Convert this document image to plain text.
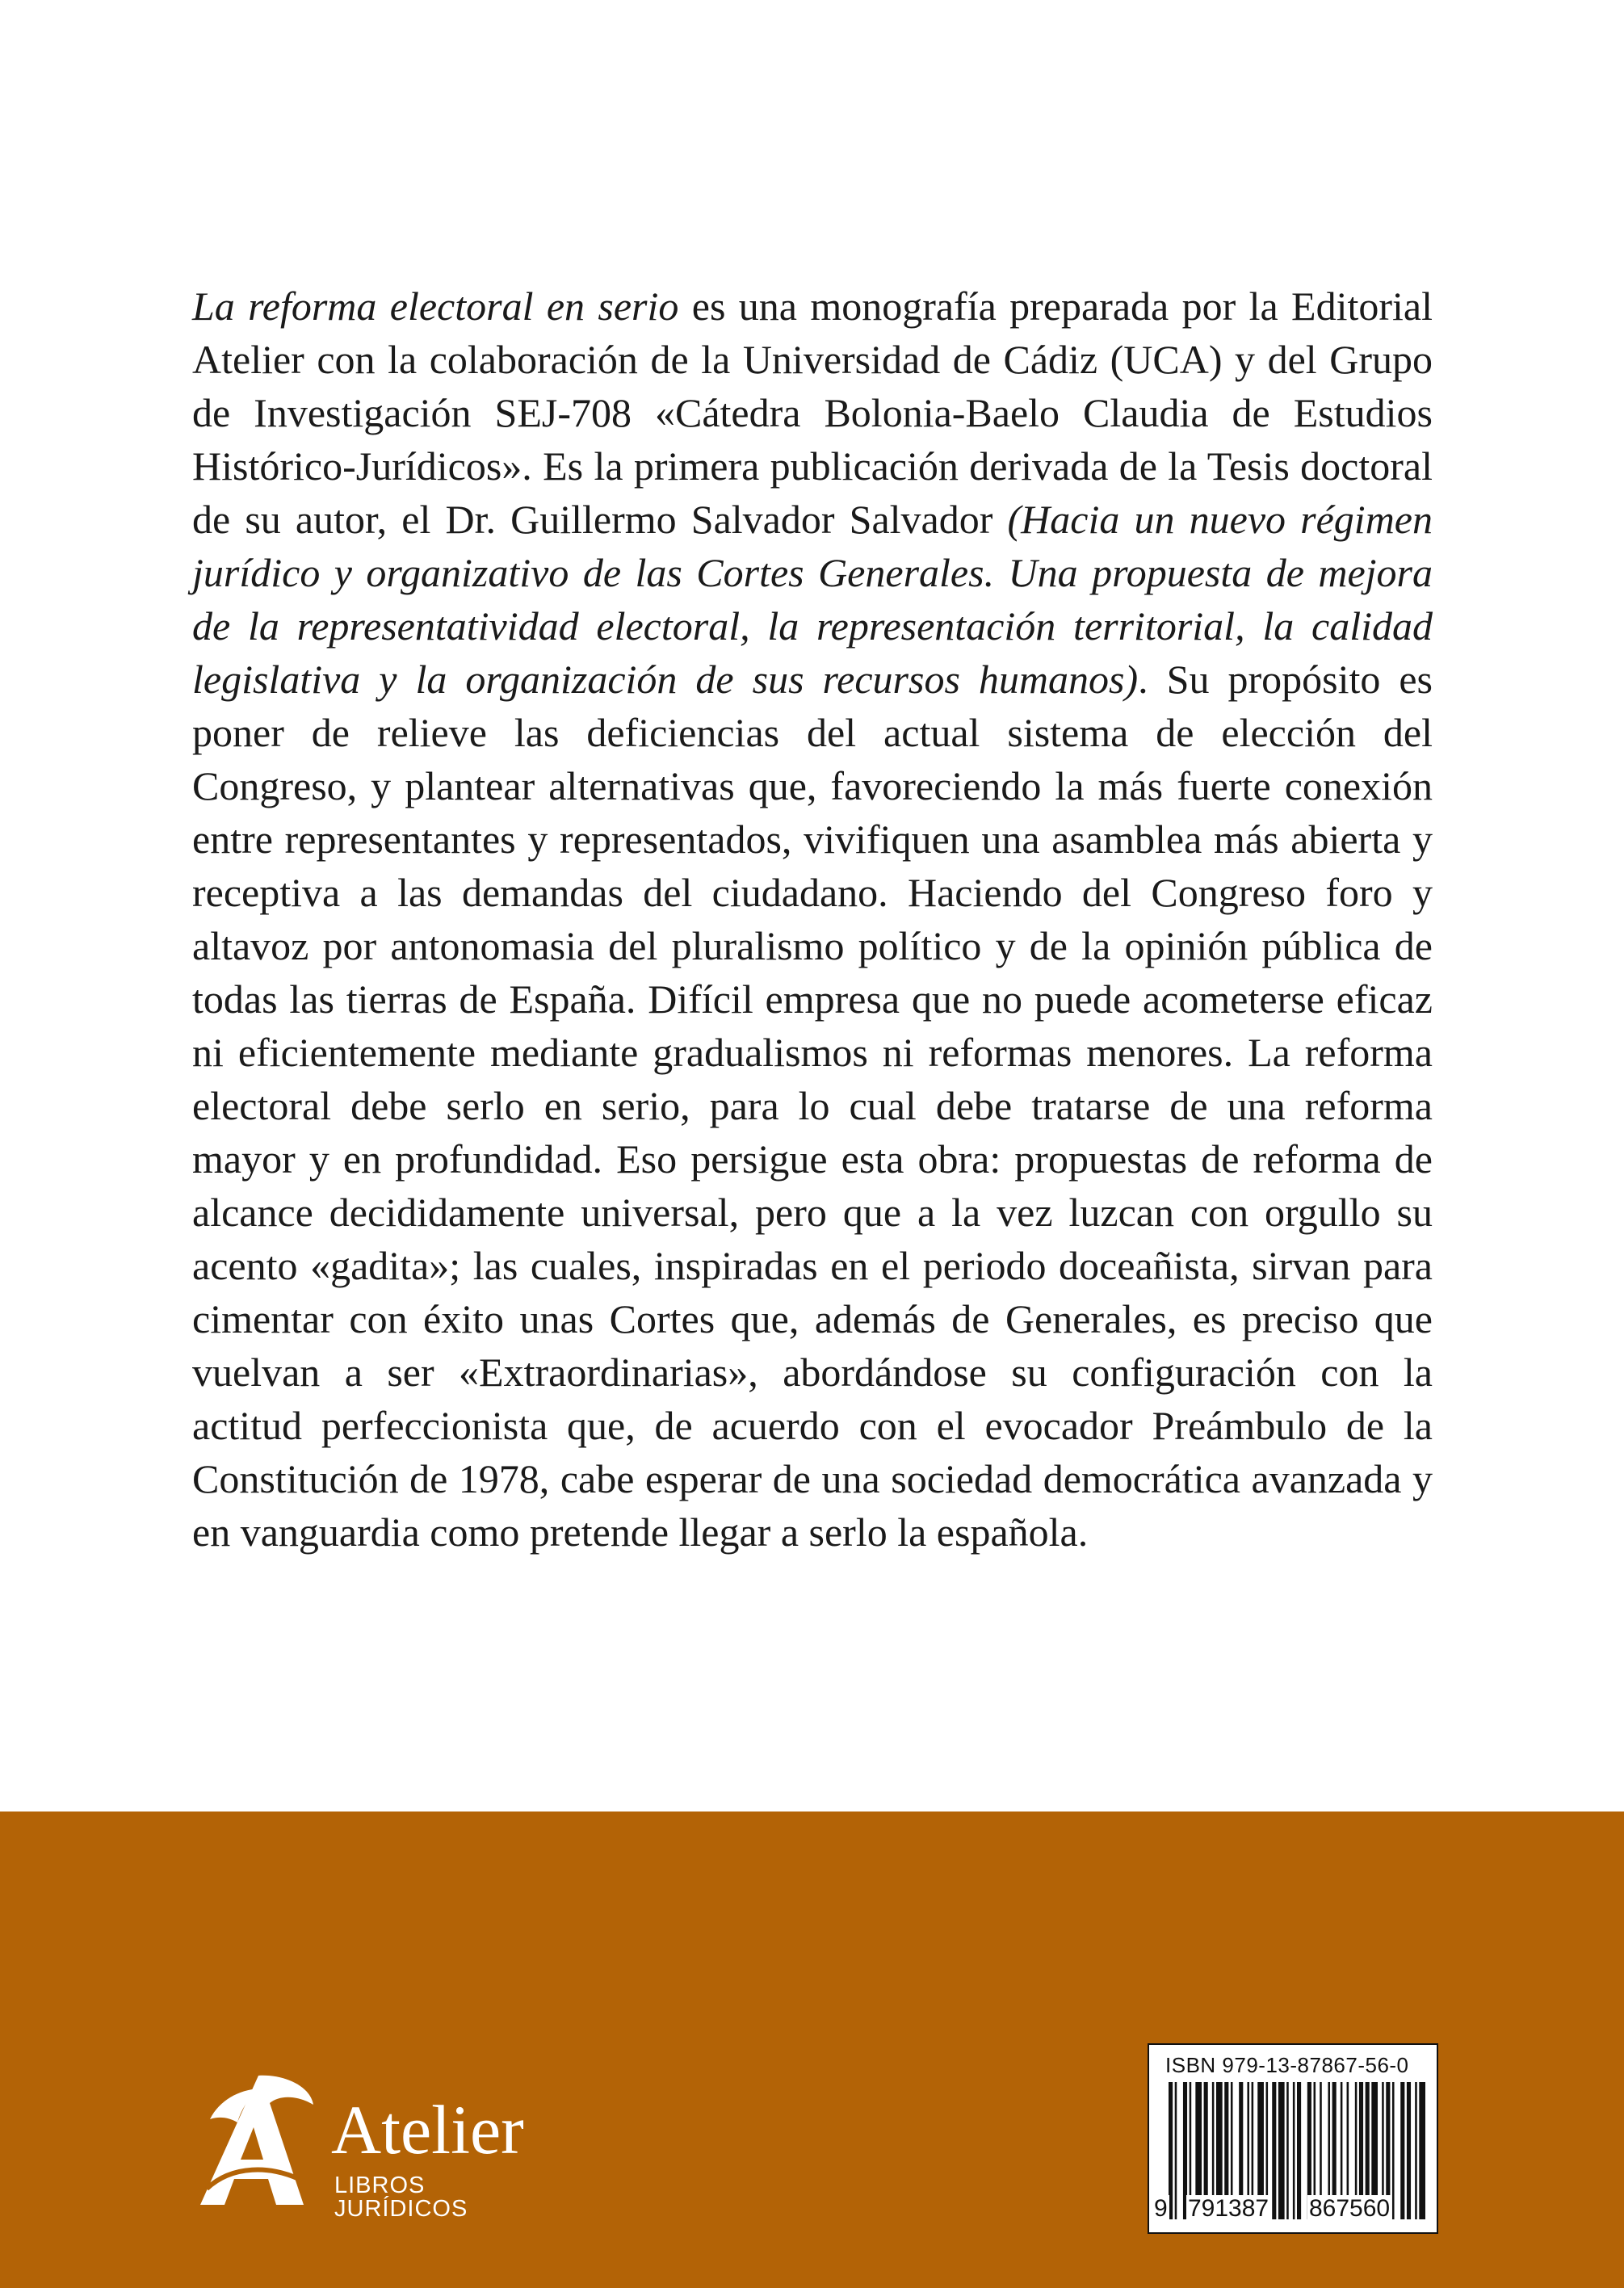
La reforma electoral en serio es una monografía preparada por la Editorial Atelier con la colaboración de la Universidad de Cádiz (UCA) y del Grupo de Investigación SEJ-708 «Cátedra Bolonia-Baelo Claudia de Estudios Histórico-Jurídicos». Es la primera publicación derivada de la Tesis doctoral de su autor, el Dr. Guillermo Salvador Salvador (Hacia un nuevo régimen jurídico y organizativo de las Cortes Generales. Una propuesta de mejora de la representatividad electoral, la representación territorial, la calidad legislativa y la organización de sus recursos humanos). Su propósito es poner de relieve las deficiencias del actual sistema de elección del Congreso, y plantear alternativas que, favoreciendo la más fuerte conexión entre representantes y representados, vivifiquen una asamblea más abierta y receptiva a las demandas del ciudadano. Haciendo del Congreso foro y altavoz por antonomasia del pluralismo político y de la opinión pública de todas las tierras de España. Difícil empresa que no puede acometerse eficaz ni eficientemente mediante gradualismos ni reformas menores. La reforma electoral debe serlo en serio, para lo cual debe tratarse de una reforma mayor y en profundidad. Eso persigue esta obra: propuestas de reforma de alcance decididamente universal, pero que a la vez luzcan con orgullo su acento «gadita»; las cuales, inspiradas en el periodo doceañista, sirvan para cimentar con éxito unas Cortes que, además de Generales, es preciso que vuelvan a ser «Extraordinarias», abordándose su configuración con la actitud perfeccionista que, de acuerdo con el evocador Preámbulo de la Constitución de 1978, cabe esperar de una sociedad democrática avanzada y en vanguardia como pretende llegar a serlo la española.

Atelier
LIBROS JURÍDICOS
ISBN 979-13-87867-56-0
9 791387 867560
